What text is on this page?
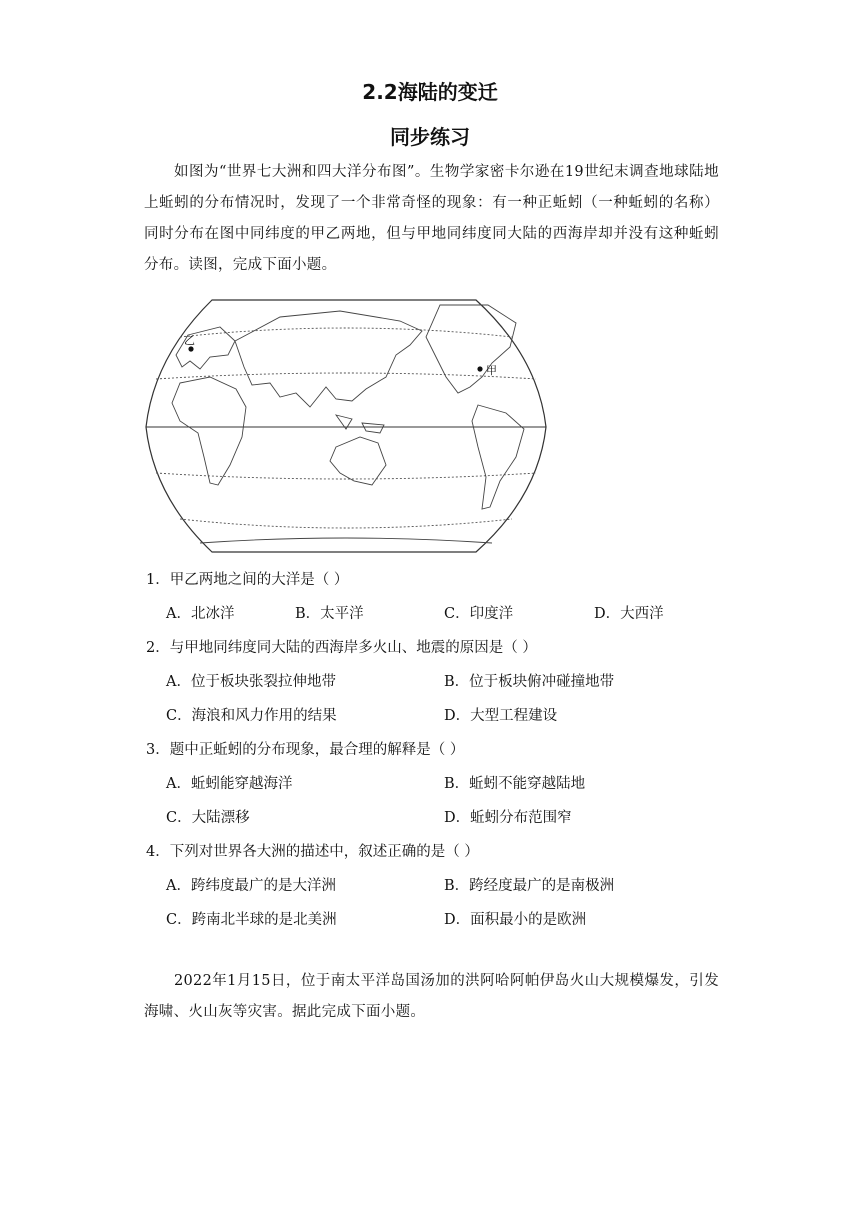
2.2海陆的变迁
同步练习
如图为“世界七大洲和四大洋分布图”。生物学家密卡尔逊在19世纪末调查地球陆地上蚯蚓的分布情况时，发现了一个非常奇怪的现象：有一种正蚯蚓（一种蚯蚓的名称）同时分布在图中同纬度的甲乙两地，但与甲地同纬度同大陆的西海岸却并没有这种蚯蚓分布。读图，完成下面小题。
乙
甲
1．甲乙两地之间的大洋是（ ）
A．北冰洋	B．太平洋	C．印度洋	D．大西洋
2．与甲地同纬度同大陆的西海岸多火山、地震的原因是（ ）
A．位于板块张裂拉伸地带	B．位于板块俯冲碰撞地带
C．海浪和风力作用的结果	D．大型工程建设
3．题中正蚯蚓的分布现象，最合理的解释是（ ）
A．蚯蚓能穿越海洋	B．蚯蚓不能穿越陆地
C．大陆漂移	D．蚯蚓分布范围窄
4．下列对世界各大洲的描述中，叙述正确的是（ ）
A．跨纬度最广的是大洋洲	B．跨经度最广的是南极洲
C．跨南北半球的是北美洲	D．面积最小的是欧洲
2022年1月15日，位于南太平洋岛国汤加的洪阿哈阿帕伊岛火山大规模爆发，引发海啸、火山灰等灾害。据此完成下面小题。
